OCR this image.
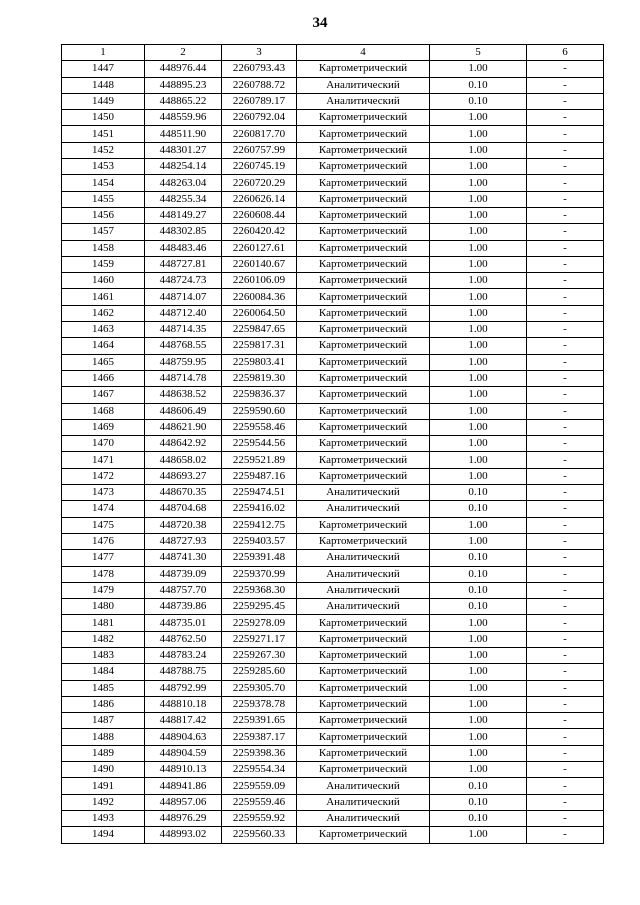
34
1	2	3	4	5	6
1447	448976.44	2260793.43	Картометрический	1.00	-
1448	448895.23	2260788.72	Аналитический	0.10	-
1449	448865.22	2260789.17	Аналитический	0.10	-
1450	448559.96	2260792.04	Картометрический	1.00	-
1451	448511.90	2260817.70	Картометрический	1.00	-
1452	448301.27	2260757.99	Картометрический	1.00	-
1453	448254.14	2260745.19	Картометрический	1.00	-
1454	448263.04	2260720.29	Картометрический	1.00	-
1455	448255.34	2260626.14	Картометрический	1.00	-
1456	448149.27	2260608.44	Картометрический	1.00	-
1457	448302.85	2260420.42	Картометрический	1.00	-
1458	448483.46	2260127.61	Картометрический	1.00	-
1459	448727.81	2260140.67	Картометрический	1.00	-
1460	448724.73	2260106.09	Картометрический	1.00	-
1461	448714.07	2260084.36	Картометрический	1.00	-
1462	448712.40	2260064.50	Картометрический	1.00	-
1463	448714.35	2259847.65	Картометрический	1.00	-
1464	448768.55	2259817.31	Картометрический	1.00	-
1465	448759.95	2259803.41	Картометрический	1.00	-
1466	448714.78	2259819.30	Картометрический	1.00	-
1467	448638.52	2259836.37	Картометрический	1.00	-
1468	448606.49	2259590.60	Картометрический	1.00	-
1469	448621.90	2259558.46	Картометрический	1.00	-
1470	448642.92	2259544.56	Картометрический	1.00	-
1471	448658.02	2259521.89	Картометрический	1.00	-
1472	448693.27	2259487.16	Картометрический	1.00	-
1473	448670.35	2259474.51	Аналитический	0.10	-
1474	448704.68	2259416.02	Аналитический	0.10	-
1475	448720.38	2259412.75	Картометрический	1.00	-
1476	448727.93	2259403.57	Картометрический	1.00	-
1477	448741.30	2259391.48	Аналитический	0.10	-
1478	448739.09	2259370.99	Аналитический	0.10	-
1479	448757.70	2259368.30	Аналитический	0.10	-
1480	448739.86	2259295.45	Аналитический	0.10	-
1481	448735.01	2259278.09	Картометрический	1.00	-
1482	448762.50	2259271.17	Картометрический	1.00	-
1483	448783.24	2259267.30	Картометрический	1.00	-
1484	448788.75	2259285.60	Картометрический	1.00	-
1485	448792.99	2259305.70	Картометрический	1.00	-
1486	448810.18	2259378.78	Картометрический	1.00	-
1487	448817.42	2259391.65	Картометрический	1.00	-
1488	448904.63	2259387.17	Картометрический	1.00	-
1489	448904.59	2259398.36	Картометрический	1.00	-
1490	448910.13	2259554.34	Картометрический	1.00	-
1491	448941.86	2259559.09	Аналитический	0.10	-
1492	448957.06	2259559.46	Аналитический	0.10	-
1493	448976.29	2259559.92	Аналитический	0.10	-
1494	448993.02	2259560.33	Картометрический	1.00	-
